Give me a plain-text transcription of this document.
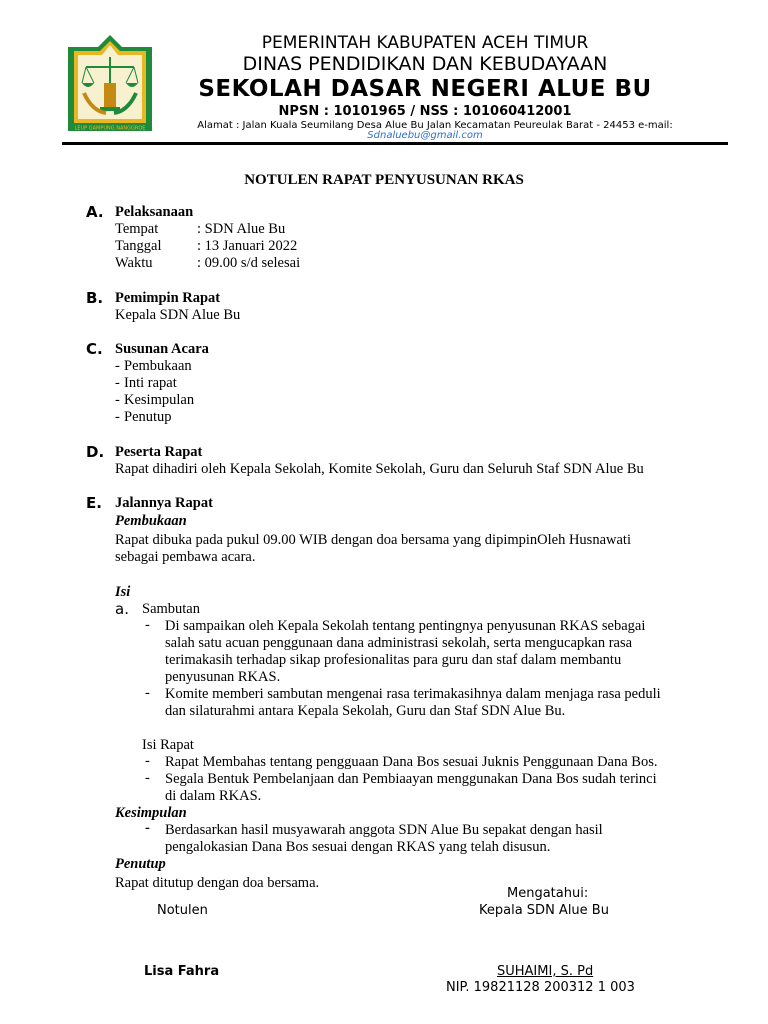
LEUP GAMPUNG NANGGROE
PEMERINTAH KABUPATEN ACEH TIMUR
DINAS PENDIDIKAN DAN KEBUDAYAAN
SEKOLAH DASAR NEGERI ALUE BU
NPSN : 10101965 / NSS : 101060412001
Alamat : Jalan Kuala Seumilang Desa Alue Bu Jalan Kecamatan Peureulak Barat - 24453 e-mail:
Sdnaluebu@gmail.com
NOTULEN RAPAT PENYUSUNAN RKAS
A. Pelaksanaan
Tempat	: SDN Alue Bu
Tanggal : 13 Januari 2022
Waktu	: 09.00 s/d selesai
B. Pemimpin Rapat
Kepala SDN Alue Bu
C. Susunan Acara
- Pembukaan
- Inti rapat
- Kesimpulan
- Penutup
D. Peserta Rapat
Rapat dihadiri oleh Kepala Sekolah, Komite Sekolah, Guru dan Seluruh Staf SDN Alue Bu
E. Jalannya Rapat
Pembukaan
Rapat dibuka pada pukul 09.00 WIB dengan doa bersama yang dipimpinOleh Husnawati
sebagai pembawa acara.
Isi
a. Sambutan
- Di sampaikan oleh Kepala Sekolah tentang pentingnya penyusunan RKAS sebagai
salah satu acuan penggunaan dana administrasi sekolah, serta mengucapkan rasa
terimakasih terhadap sikap profesionalitas para guru dan staf dalam membantu
penyusunan RKAS.
- Komite memberi sambutan mengenai rasa terimakasihnya dalam menjaga rasa peduli
dan silaturahmi antara Kepala Sekolah, Guru dan Staf SDN Alue Bu.
Isi Rapat
- Rapat Membahas tentang pengguaan Dana Bos sesuai Juknis Penggunaan Dana Bos.
- Segala Bentuk Pembelanjaan dan Pembiaayan menggunakan Dana Bos sudah terinci
di dalam RKAS.
Kesimpulan
- Berdasarkan hasil musyawarah anggota SDN Alue Bu sepakat dengan hasil
pengalokasian Dana Bos sesuai dengan RKAS yang telah disusun.
Penutup
Rapat ditutup dengan doa bersama.
Mengatahui:
Notulen	Kepala SDN Alue Bu
Lisa Fahra	SUHAIMI, S. Pd
NIP. 19821128 200312 1 003
